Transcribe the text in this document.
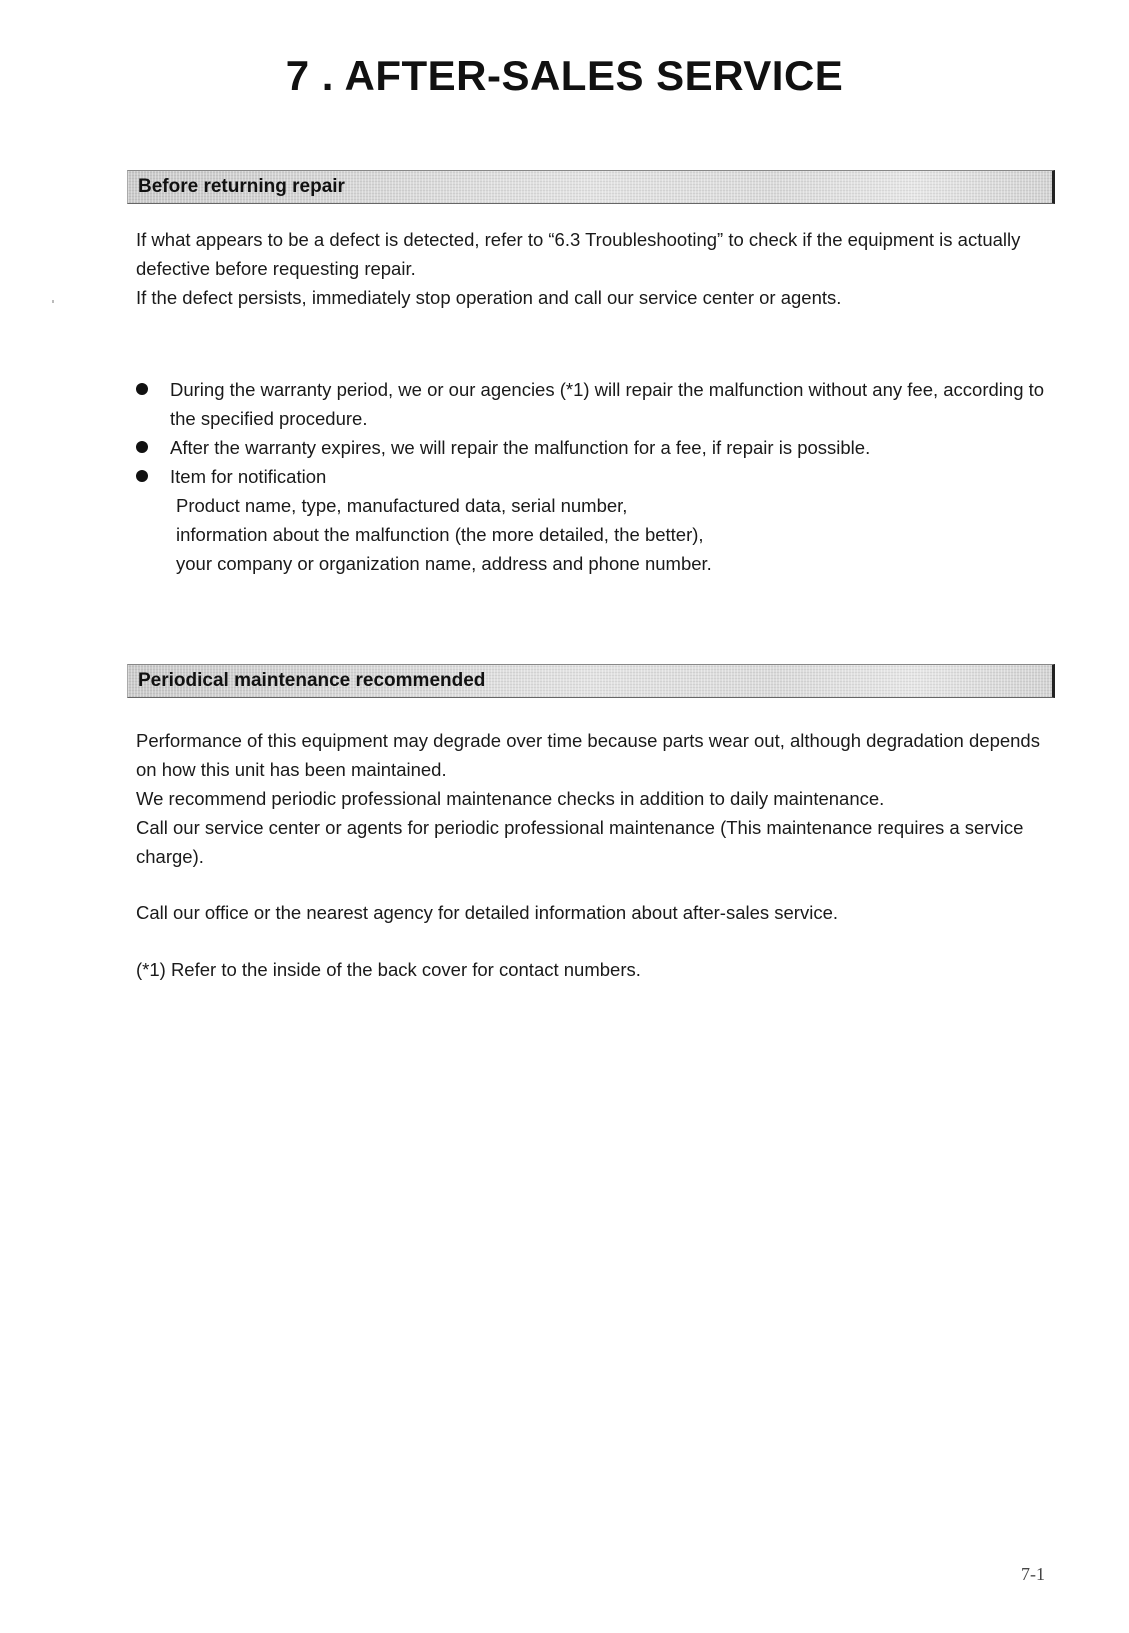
7 . AFTER-SALES SERVICE
Before returning repair

If what appears to be a defect is detected, refer to “6.3 Troubleshooting” to check if the equipment is actually defective before requesting repair.

If the defect persists, immediately stop operation and call our service center or agents.

During the warranty period, we or our agencies (*1) will repair the malfunction without any fee, according to the specified procedure.
After the warranty expires, we will repair the malfunction for a fee, if repair is possible.
Item for notification
Product name, type, manufactured data, serial number,
information about the malfunction (the more detailed, the better),
your company or organization name, address and phone number.
Periodical maintenance recommended

Performance of this equipment may degrade over time because parts wear out, although degradation depends on how this unit has been maintained.

We recommend periodic professional maintenance checks in addition to daily maintenance.

Call our service center or agents for periodic professional maintenance (This maintenance requires a service charge).

Call our office or the nearest agency for detailed information about after-sales service.

(*1) Refer to the inside of the back cover for contact numbers.

7-1
